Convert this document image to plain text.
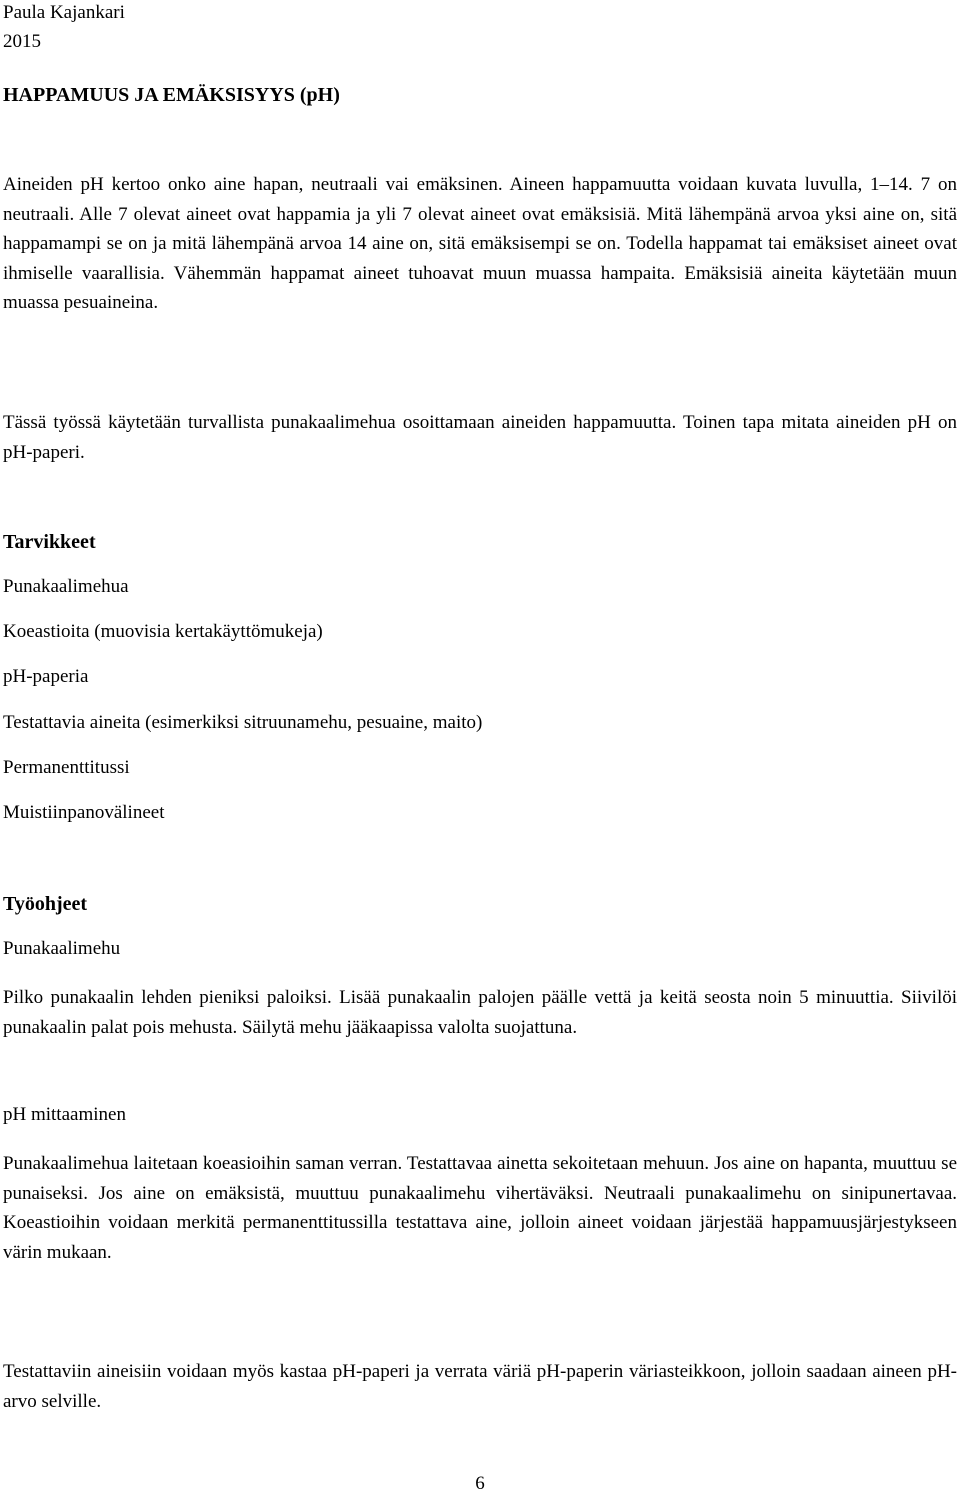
Paula Kajankari
2015
HAPPAMUUS JA EMÄKSISYYS (pH)

Aineiden pH kertoo onko aine hapan, neutraali vai emäksinen. Aineen happamuutta voidaan kuvata luvulla, 1–14. 7 on neutraali. Alle 7 olevat aineet ovat happamia ja yli 7 olevat aineet ovat emäksisiä. Mitä lähempänä arvoa yksi aine on, sitä happamampi se on ja mitä lähempänä arvoa 14 aine on, sitä emäksisempi se on. Todella happamat tai emäksiset aineet ovat ihmiselle vaarallisia. Vähemmän happamat aineet tuhoavat muun muassa hampaita. Emäksisiä aineita käytetään muun muassa pesuaineina.

Tässä työssä käytetään turvallista punakaalimehua osoittamaan aineiden happamuutta. Toinen tapa mitata aineiden pH on pH-paperi.

Tarvikkeet
Punakaalimehua
Koeastioita (muovisia kertakäyttömukeja)
pH-paperia
Testattavia aineita (esimerkiksi sitruunamehu, pesuaine, maito)
Permanenttitussi
Muistiinpanovälineet
Työohjeet
Punakaalimehu

Pilko punakaalin lehden pieniksi paloiksi. Lisää punakaalin palojen päälle vettä ja keitä seosta noin 5 minuuttia. Siivilöi punakaalin palat pois mehusta. Säilytä mehu jääkaapissa valolta suojattuna.

pH mittaaminen

Punakaalimehua laitetaan koeasioihin saman verran. Testattavaa ainetta sekoitetaan mehuun. Jos aine on hapanta, muuttuu se punaiseksi. Jos aine on emäksistä, muuttuu punakaalimehu vihertäväksi. Neutraali punakaalimehu on sinipunertavaa. Koeastioihin voidaan merkitä permanenttitussilla testattava aine, jolloin aineet voidaan järjestää happamuusjärjestykseen värin mukaan.

Testattaviin aineisiin voidaan myös kastaa pH-paperi ja verrata väriä pH-paperin väriasteikkoon, jolloin saadaan aineen pH-arvo selville.

6
